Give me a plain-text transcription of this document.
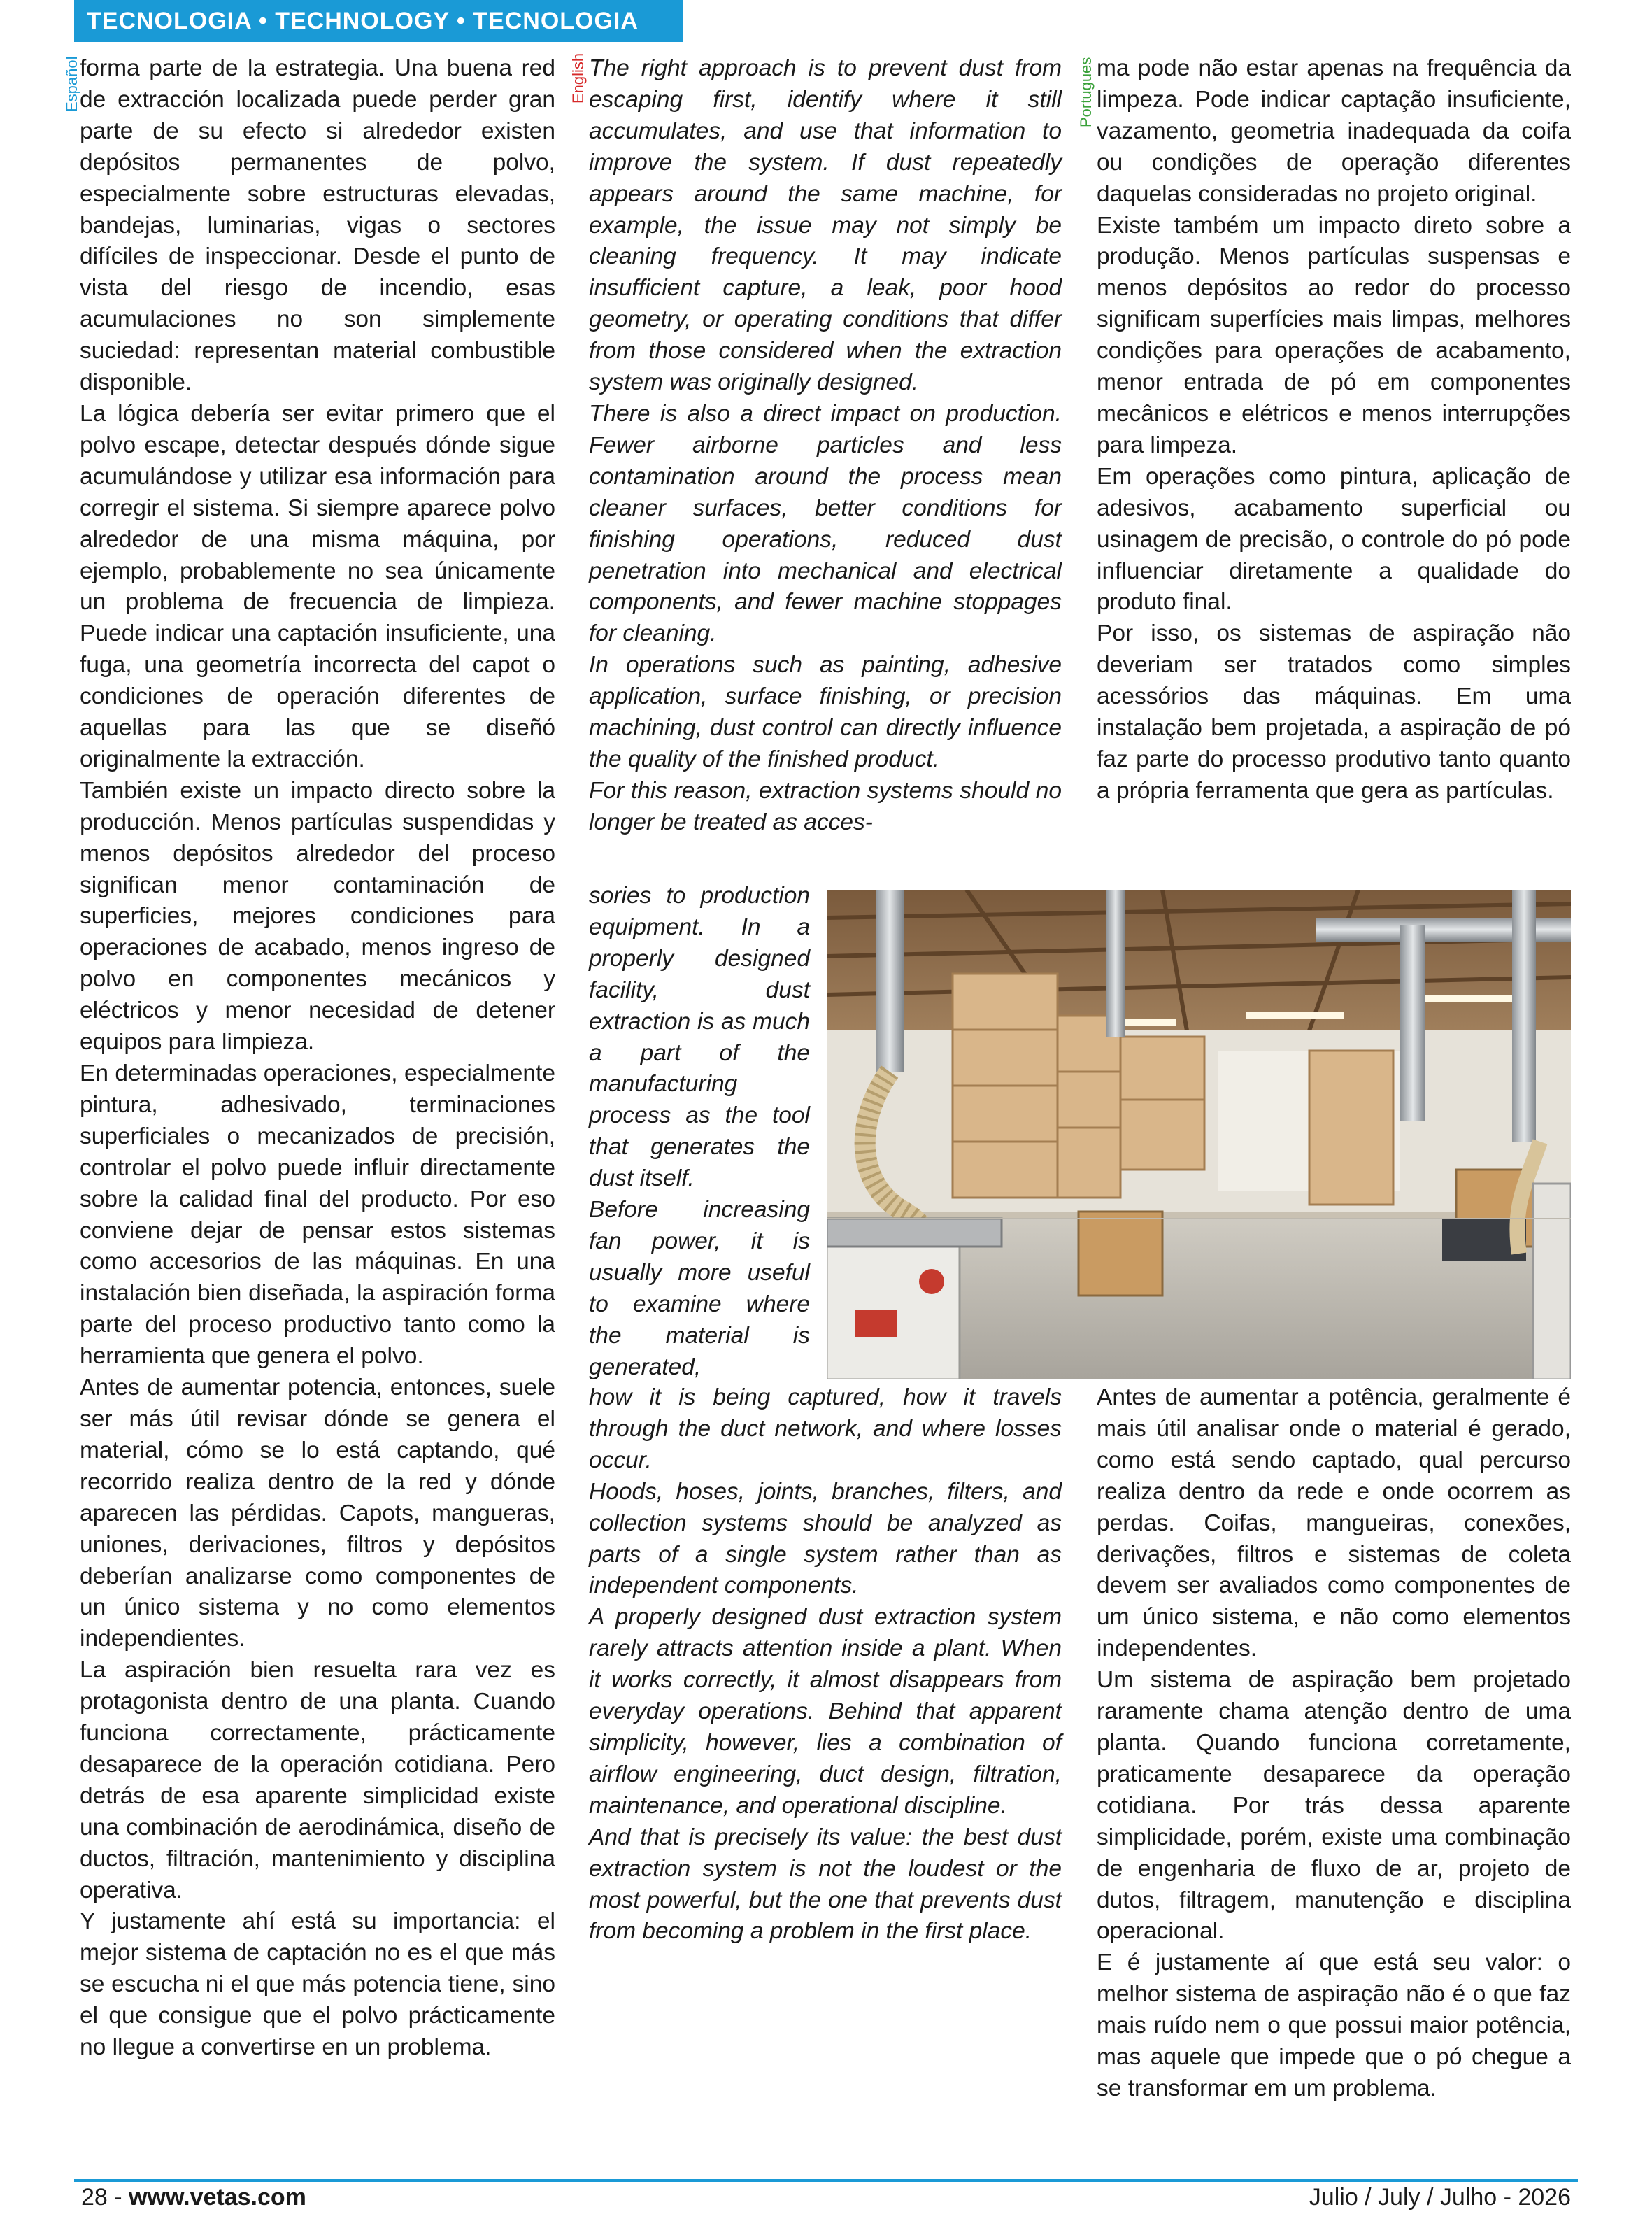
TECNOLOGIA • TECHNOLOGY • TECNOLOGIA
Español	English	Portugues

forma parte de la estrategia. Una buena red de extracción localizada puede perder gran parte de su efecto si alrededor existen depósitos permanentes de polvo, especialmente sobre estructuras elevadas, bandejas, luminarias, vigas o sectores difíciles de inspeccionar. Desde el punto de vista del riesgo de incendio, esas acumulaciones no son simplemente suciedad: representan material combustible disponible.

La lógica debería ser evitar primero que el polvo escape, detectar después dónde sigue acumulándose y utilizar esa información para corregir el sistema. Si siempre aparece polvo alrededor de una misma máquina, por ejemplo, probablemente no sea únicamente un problema de frecuencia de limpieza. Puede indicar una captación insuficiente, una fuga, una geometría incorrecta del capot o condiciones de operación diferentes de aquellas para las que se diseñó originalmente la extracción.

También existe un impacto directo sobre la producción. Menos partículas suspendidas y menos depósitos alrededor del proceso significan menor contaminación de superficies, mejores condiciones para operaciones de acabado, menos ingreso de polvo en componentes mecánicos y eléctricos y menor necesidad de detener equipos para limpieza.

En determinadas operaciones, especialmente pintura, adhesivado, terminaciones superficiales o mecanizados de precisión, controlar el polvo puede influir directamente sobre la calidad final del producto. Por eso conviene dejar de pensar estos sistemas como accesorios de las máquinas. En una instalación bien diseñada, la aspiración forma parte del proceso productivo tanto como la herramienta que genera el polvo.

Antes de aumentar potencia, entonces, suele ser más útil revisar dónde se genera el material, cómo se lo está captando, qué recorrido realiza dentro de la red y dónde aparecen las pérdidas. Capots, mangueras, uniones, derivaciones, filtros y depósitos deberían analizarse como componentes de un único sistema y no como elementos independientes.

La aspiración bien resuelta rara vez es protagonista dentro de una planta. Cuando funciona correctamente, prácticamente desaparece de la operación cotidiana. Pero detrás de esa aparente simplicidad existe una combinación de aerodinámica, diseño de ductos, filtración, mantenimiento y disciplina operativa.

Y justamente ahí está su importancia: el mejor sistema de captación no es el que más se escucha ni el que más potencia tiene, sino el que consigue que el polvo prácticamente no llegue a convertirse en un problema.

The right approach is to prevent dust from escaping first, identify where it still accumulates, and use that information to improve the system. If dust repeatedly appears around the same machine, for example, the issue may not simply be cleaning frequency. It may indicate insufficient capture, a leak, poor hood geometry, or operating conditions that differ from those considered when the extraction system was originally designed.

There is also a direct impact on production. Fewer airborne particles and less contamination around the process mean cleaner surfaces, better conditions for finishing operations, reduced dust penetration into mechanical and electrical components, and fewer machine stoppages for cleaning.

In operations such as painting, adhesive application, surface finishing, or precision machining, dust control can directly influence the quality of the finished product.

For this reason, extraction systems should no longer be treated as acces-

sories to production equipment. In a properly designed facility, dust extraction is as much a part of the manufacturing process as the tool that generates the dust itself.

Before increasing fan power, it is usually more useful to examine where the material is generated,

how it is being captured, how it travels through the duct network, and where losses occur.

Hoods, hoses, joints, branches, filters, and collection systems should be analyzed as parts of a single system rather than as independent components.

A properly designed dust extraction system rarely attracts attention inside a plant. When it works correctly, it almost disappears from everyday operations. Behind that apparent simplicity, however, lies a combination of airflow engineering, duct design, filtration, maintenance, and operational discipline.

And that is precisely its value: the best dust extraction system is not the loudest or the most powerful, but the one that prevents dust from becoming a problem in the first place.

ma pode não estar apenas na frequência da limpeza. Pode indicar captação insuficiente, vazamento, geometria inadequada da coifa ou condições de operação diferentes daquelas consideradas no projeto original.

Existe também um impacto direto sobre a produção. Menos partículas suspensas e menos depósitos ao redor do processo significam superfícies mais limpas, melhores condições para operações de acabamento, menor entrada de pó em componentes mecânicos e elétricos e menos interrupções para limpeza.

Em operações como pintura, aplicação de adesivos, acabamento superficial ou usinagem de precisão, o controle do pó pode influenciar diretamente a qualidade do produto final.

Por isso, os sistemas de aspiração não deveriam ser tratados como simples acessórios das máquinas. Em uma instalação bem projetada, a aspiração de pó faz parte do processo produtivo tanto quanto a própria ferramenta que gera as partículas.

Antes de aumentar a potência, geralmente é mais útil analisar onde o material é gerado, como está sendo captado, qual percurso realiza dentro da rede e onde ocorrem as perdas. Coifas, mangueiras, conexões, derivações, filtros e sistemas de coleta devem ser avaliados como componentes de um único sistema, e não como elementos independentes.

Um sistema de aspiração bem projetado raramente chama atenção dentro de uma planta. Quando funciona corretamente, praticamente desaparece da operação cotidiana. Por trás dessa aparente simplicidade, porém, existe uma combinação de engenharia de fluxo de ar, projeto de dutos, filtragem, manutenção e disciplina operacional.

E é justamente aí que está seu valor: o melhor sistema de aspiração não é o que faz mais ruído nem o que possui maior potência, mas aquele que impede que o pó chegue a se transformar em um problema.

28 - www.vetas.com	Julio / July / Julho - 2026
